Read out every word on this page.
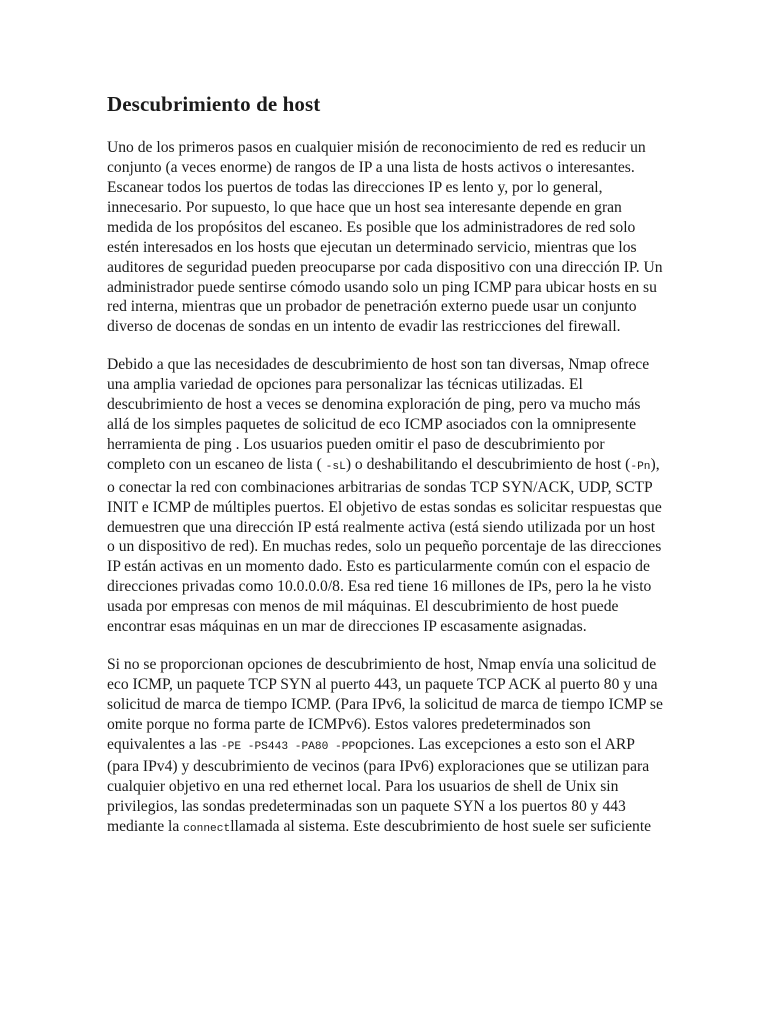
Descubrimiento de host

Uno de los primeros pasos en cualquier misión de reconocimiento de red es reducir un conjunto (a veces enorme) de rangos de IP a una lista de hosts activos o interesantes. Escanear todos los puertos de todas las direcciones IP es lento y, por lo general, innecesario. Por supuesto, lo que hace que un host sea interesante depende en gran medida de los propósitos del escaneo. Es posible que los administradores de red solo estén interesados en los hosts que ejecutan un determinado servicio, mientras que los auditores de seguridad pueden preocuparse por cada dispositivo con una dirección IP. Un administrador puede sentirse cómodo usando solo un ping ICMP para ubicar hosts en su red interna, mientras que un probador de penetración externo puede usar un conjunto diverso de docenas de sondas en un intento de evadir las restricciones del firewall.

Debido a que las necesidades de descubrimiento de host son tan diversas, Nmap ofrece una amplia variedad de opciones para personalizar las técnicas utilizadas. El descubrimiento de host a veces se denomina exploración de ping, pero va mucho más allá de los simples paquetes de solicitud de eco ICMP asociados con la omnipresente herramienta de ping . Los usuarios pueden omitir el paso de descubrimiento por completo con un escaneo de lista ( -sL) o deshabilitando el descubrimiento de host (-Pn), o conectar la red con combinaciones arbitrarias de sondas TCP SYN/ACK, UDP, SCTP INIT e ICMP de múltiples puertos. El objetivo de estas sondas es solicitar respuestas que demuestren que una dirección IP está realmente activa (está siendo utilizada por un host o un dispositivo de red). En muchas redes, solo un pequeño porcentaje de las direcciones IP están activas en un momento dado. Esto es particularmente común con el espacio de direcciones privadas como 10.0.0.0/8. Esa red tiene 16 millones de IPs, pero la he visto usada por empresas con menos de mil máquinas. El descubrimiento de host puede encontrar esas máquinas en un mar de direcciones IP escasamente asignadas.

Si no se proporcionan opciones de descubrimiento de host, Nmap envía una solicitud de eco ICMP, un paquete TCP SYN al puerto 443, un paquete TCP ACK al puerto 80 y una solicitud de marca de tiempo ICMP. (Para IPv6, la solicitud de marca de tiempo ICMP se omite porque no forma parte de ICMPv6). Estos valores predeterminados son equivalentes a las -PE -PS443 -PA80 -PPopciones. Las excepciones a esto son el ARP (para IPv4) y descubrimiento de vecinos (para IPv6) exploraciones que se utilizan para cualquier objetivo en una red ethernet local. Para los usuarios de shell de Unix sin privilegios, las sondas predeterminadas son un paquete SYN a los puertos 80 y 443 mediante la connectllamada al sistema. Este descubrimiento de host suele ser suficiente
